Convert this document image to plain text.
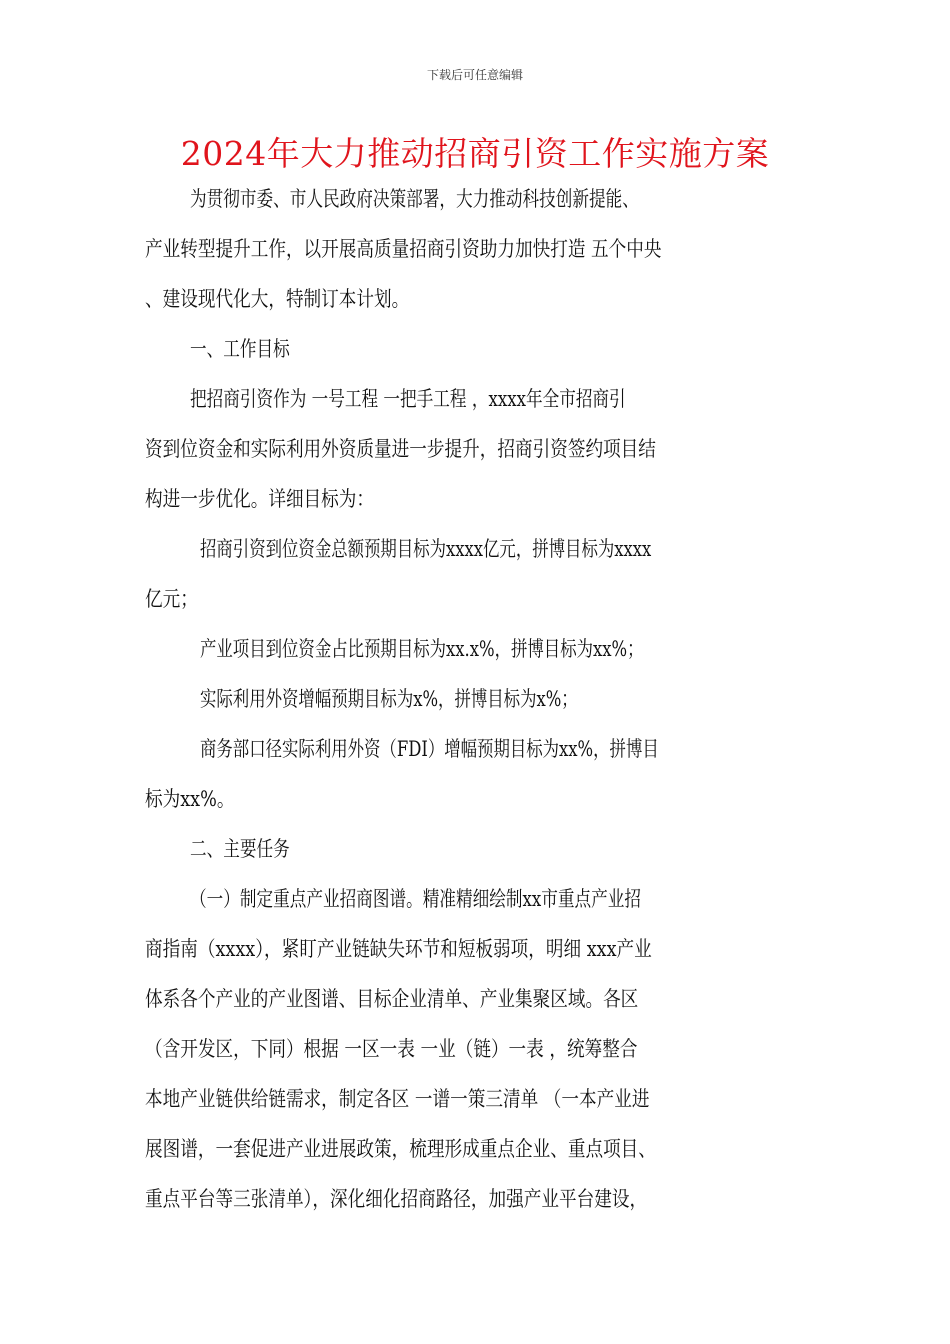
下载后可任意编辑
2024年大力推动招商引资工作实施方案
为贯彻市委、市人民政府决策部署，大力推动科技创新提能、
产业转型提升工作，以开展高质量招商引资助力加快打造 五个中央
、建设现代化大，特制订本计划。
一、工作目标
把招商引资作为 一号工程 一把手工程 ，xxxx年全市招商引
资到位资金和实际利用外资质量进一步提升，招商引资签约项目结
构进一步优化。详细目标为：
招商引资到位资金总额预期目标为xxxx亿元，拼博目标为xxxx
亿元；
产业项目到位资金占比预期目标为xx.x%，拼博目标为xx%；
实际利用外资增幅预期目标为x%，拼博目标为x%；
商务部口径实际利用外资（FDI）增幅预期目标为xx%，拼博目
标为xx%。
二、主要任务
（一）制定重点产业招商图谱。精准精细绘制xx市重点产业招
商指南（xxxx），紧盯产业链缺失环节和短板弱项，明细 xxx产业
体系各个产业的产业图谱、目标企业清单、产业集聚区域。各区
（含开发区，下同）根据 一区一表 一业（链）一表 ，统筹整合
本地产业链供给链需求，制定各区 一谱一策三清单 （一本产业进
展图谱，一套促进产业进展政策，梳理形成重点企业、重点项目、
重点平台等三张清单），深化细化招商路径，加强产业平台建设，
